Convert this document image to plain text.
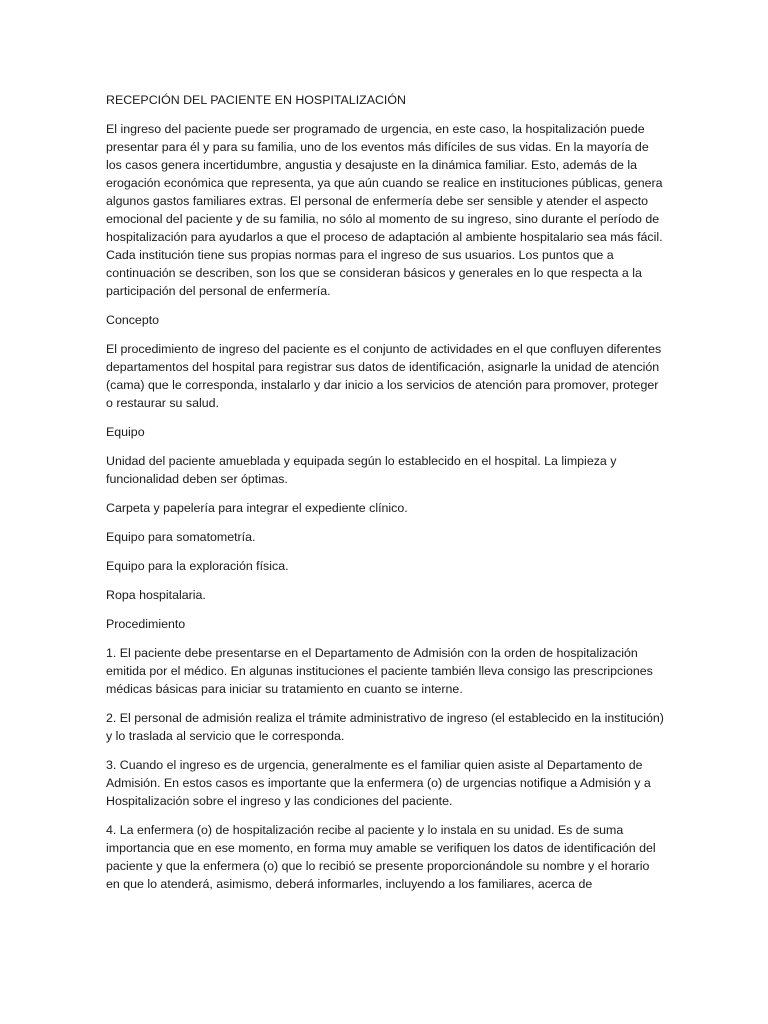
RECEPCIÓN DEL PACIENTE EN HOSPITALIZACIÓN

El ingreso del paciente puede ser programado de urgencia, en este caso, la hospitalización puede presentar para él y para su familia, uno de los eventos más difíciles de sus vidas. En la mayoría de los casos genera incertidumbre, angustia y desajuste en la dinámica familiar. Esto, además de la erogación económica que representa, ya que aún cuando se realice en instituciones públicas, genera algunos gastos familiares extras. El personal de enfermería debe ser sensible y atender el aspecto emocional del paciente y de su familia, no sólo al momento de su ingreso, sino durante el período de hospitalización para ayudarlos a que el proceso de adaptación al ambiente hospitalario sea más fácil. Cada institución tiene sus propias normas para el ingreso de sus usuarios. Los puntos que a continuación se describen, son los que se consideran básicos y generales en lo que respecta a la participación del personal de enfermería.

Concepto

El procedimiento de ingreso del paciente es el conjunto de actividades en el que confluyen diferentes departamentos del hospital para registrar sus datos de identificación, asignarle la unidad de atención (cama) que le corresponda, instalarlo y dar inicio a los servicios de atención para promover, proteger o restaurar su salud.

Equipo

Unidad del paciente amueblada y equipada según lo establecido en el hospital. La limpieza y funcionalidad deben ser óptimas.

Carpeta y papelería para integrar el expediente clínico.

Equipo para somatometría.

Equipo para la exploración física.

Ropa hospitalaria.

Procedimiento

1. El paciente debe presentarse en el Departamento de Admisión con la orden de hospitalización emitida por el médico. En algunas instituciones el paciente también lleva consigo las prescripciones médicas básicas para iniciar su tratamiento en cuanto se interne.

2. El personal de admisión realiza el trámite administrativo de ingreso (el establecido en la institución) y lo traslada al servicio que le corresponda.

3. Cuando el ingreso es de urgencia, generalmente es el familiar quien asiste al Departamento de Admisión. En estos casos es importante que la enfermera (o) de urgencias notifique a Admisión y a Hospitalización sobre el ingreso y las condiciones del paciente.

4. La enfermera (o) de hospitalización recibe al paciente y lo instala en su unidad. Es de suma importancia que en ese momento, en forma muy amable se verifiquen los datos de identificación del paciente y que la enfermera (o) que lo recibió se presente proporcionándole su nombre y el horario en que lo atenderá, asimismo, deberá informarles, incluyendo a los familiares, acerca de
